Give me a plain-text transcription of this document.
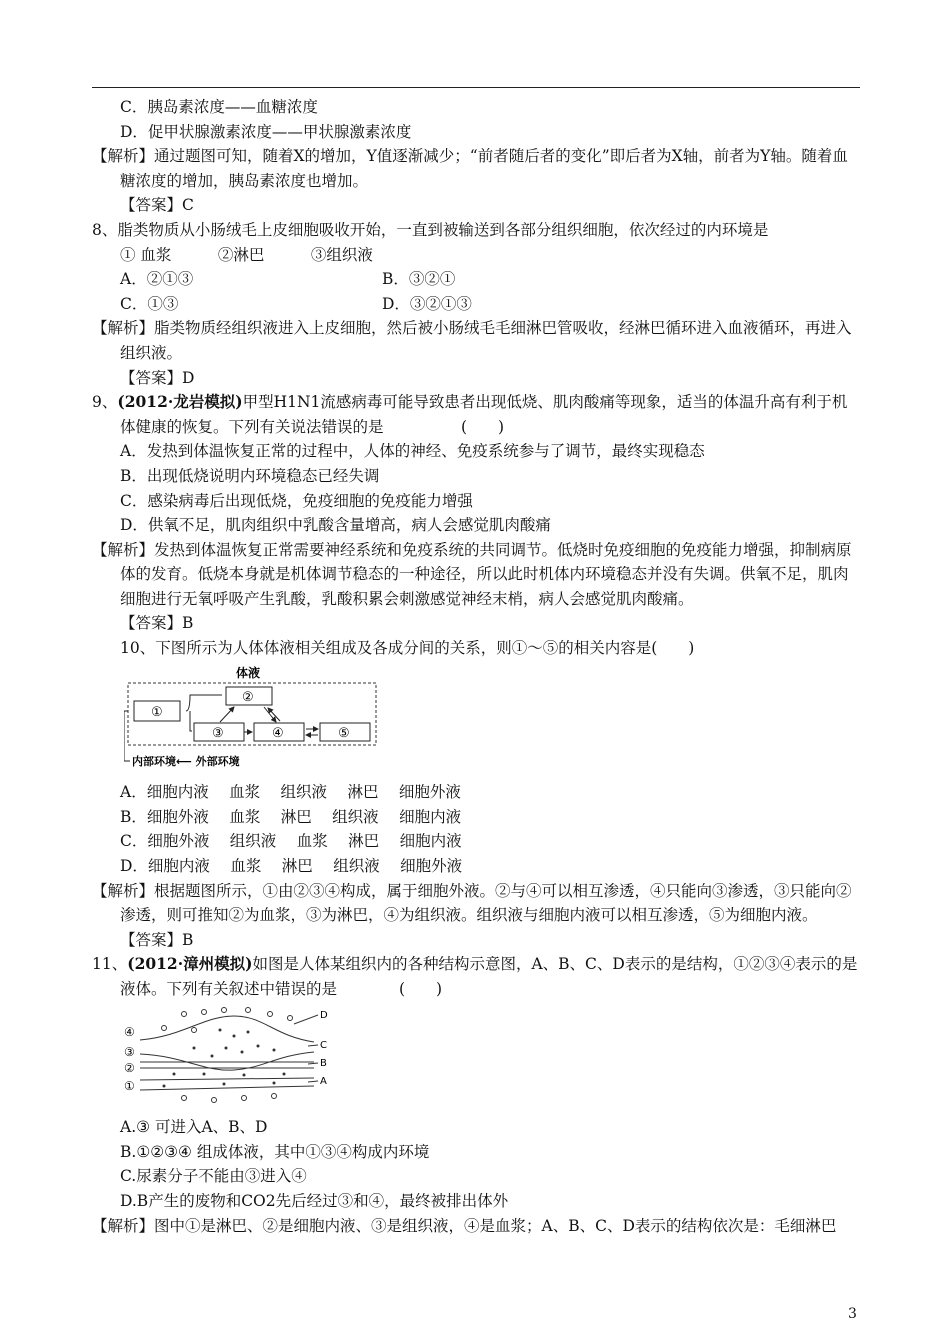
C．胰岛素浓度——血糖浓度

D．促甲状腺激素浓度——甲状腺激素浓度

【解析】通过题图可知，随着X的增加，Y值逐渐减少；“前者随后者的变化”即后者为X轴，前者为Y轴。随着血糖浓度的增加，胰岛素浓度也增加。

【答案】C

8、脂类物质从小肠绒毛上皮细胞吸收开始，一直到被输送到各部分组织细胞，依次经过的内环境是

① 血浆　　　②淋巴　　　③组织液

A．②①③	B．③②①
C．①③	D．③②①③

【解析】脂类物质经组织液进入上皮细胞，然后被小肠绒毛毛细淋巴管吸收，经淋巴循环进入血液循环，再进入组织液。

【答案】D

9、(2012·龙岩模拟)甲型H1N1流感病毒可能导致患者出现低烧、肌肉酸痛等现象，适当的体温升高有利于机体健康的恢复。下列有关说法错误的是　　　　　(　　)

A．发热到体温恢复正常的过程中，人体的神经、免疫系统参与了调节，最终实现稳态

B．出现低烧说明内环境稳态已经失调

C．感染病毒后出现低烧，免疫细胞的免疫能力增强

D．供氧不足，肌肉组织中乳酸含量增高，病人会感觉肌肉酸痛

【解析】发热到体温恢复正常需要神经系统和免疫系统的共同调节。低烧时免疫细胞的免疫能力增强，抑制病原体的发育。低烧本身就是机体调节稳态的一种途径，所以此时机体内环境稳态并没有失调。供氧不足，肌肉细胞进行无氧呼吸产生乳酸，乳酸积累会刺激感觉神经末梢，病人会感觉肌肉酸痛。

【答案】B

10、下图所示为人体体液相关组成及各成分间的关系，则①～⑤的相关内容是(　　)

体液
①
②
③	④	⑤
内部环境⟵ 外部环境

A．细胞内液　 血浆　 组织液　 淋巴　 细胞外液

B．细胞外液　 血浆　 淋巴　 组织液　 细胞内液

C．细胞外液　 组织液　 血浆　 淋巴　 细胞内液

D．细胞内液　 血浆　 淋巴　 组织液　 细胞外液

【解析】根据题图所示，①由②③④构成，属于细胞外液。②与④可以相互渗透，④只能向③渗透，③只能向②渗透，则可推知②为血浆，③为淋巴，④为组织液。组织液与细胞内液可以相互渗透，⑤为细胞内液。

【答案】B

11、(2012·漳州模拟)如图是人体某组织内的各种结构示意图，A、B、C、D表示的是结构，①②③④表示的是液体。下列有关叙述中错误的是　　　　(　　)

④
③
②
①
D
C
B
A

A.③ 可进入A、B、D

B.①②③④ 组成体液，其中①③④构成内环境

C.尿素分子不能由③进入④

D.B产生的废物和CO2先后经过③和④，最终被排出体外

【解析】图中①是淋巴、②是细胞内液、③是组织液，④是血浆；A、B、C、D表示的结构依次是：毛细淋巴

3
